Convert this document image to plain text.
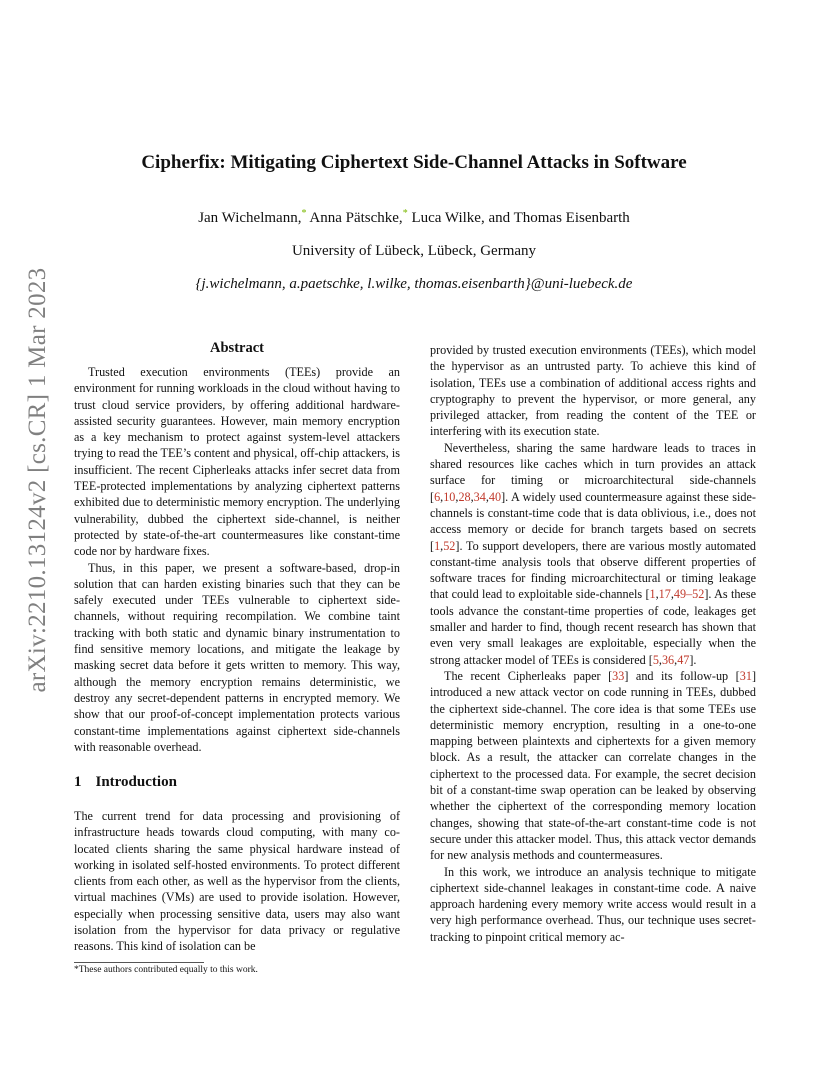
arXiv:2210.13124v2 [cs.CR] 1 Mar 2023
Cipherfix: Mitigating Ciphertext Side-Channel Attacks in Software
Jan Wichelmann,* Anna Pätschke,* Luca Wilke, and Thomas Eisenbarth
University of Lübeck, Lübeck, Germany
{j.wichelmann, a.paetschke, l.wilke, thomas.eisenbarth}@uni-luebeck.de
Abstract

Trusted execution environments (TEEs) provide an environment for running workloads in the cloud without having to trust cloud service providers, by offering additional hardware-assisted security guarantees. However, main memory encryption as a key mechanism to protect against system-level attackers trying to read the TEE’s content and physical, off-chip attackers, is insufficient. The recent Cipherleaks attacks infer secret data from TEE-protected implementations by analyzing ciphertext patterns exhibited due to deterministic memory encryption. The underlying vulnerability, dubbed the ciphertext side-channel, is neither protected by state-of-the-art countermeasures like constant-time code nor by hardware fixes.

Thus, in this paper, we present a software-based, drop-in solution that can harden existing binaries such that they can be safely executed under TEEs vulnerable to ciphertext side-channels, without requiring recompilation. We combine taint tracking with both static and dynamic binary instrumentation to find sensitive memory locations, and mitigate the leakage by masking secret data before it gets written to memory. This way, although the memory encryption remains deterministic, we destroy any secret-dependent patterns in encrypted memory. We show that our proof-of-concept implementation protects various constant-time implementations against ciphertext side-channels with reasonable overhead.

1 Introduction

The current trend for data processing and provisioning of infrastructure heads towards cloud computing, with many co-located clients sharing the same physical hardware instead of working in isolated self-hosted environments. To protect different clients from each other, as well as the hypervisor from the clients, virtual machines (VMs) are used to provide isolation. However, especially when processing sensitive data, users may also want isolation from the hypervisor for data privacy or regulative reasons. This kind of isolation can be

*These authors contributed equally to this work.

provided by trusted execution environments (TEEs), which model the hypervisor as an untrusted party. To achieve this kind of isolation, TEEs use a combination of additional access rights and cryptography to prevent the hypervisor, or more general, any privileged attacker, from reading the content of the TEE or interfering with its execution state.

Nevertheless, sharing the same hardware leads to traces in shared resources like caches which in turn provides an attack surface for timing or microarchitectural side-channels [6,10,28,34,40]. A widely used countermeasure against these side-channels is constant-time code that is data oblivious, i.e., does not access memory or decide for branch targets based on secrets [1,52]. To support developers, there are various mostly automated constant-time analysis tools that observe different properties of software traces for finding microarchitectural or timing leakage that could lead to exploitable side-channels [1,17,49–52]. As these tools advance the constant-time properties of code, leakages get smaller and harder to find, though recent research has shown that even very small leakages are exploitable, especially when the strong attacker model of TEEs is considered [5,36,47].

The recent Cipherleaks paper [33] and its follow-up [31] introduced a new attack vector on code running in TEEs, dubbed the ciphertext side-channel. The core idea is that some TEEs use deterministic memory encryption, resulting in a one-to-one mapping between plaintexts and ciphertexts for a given memory block. As a result, the attacker can correlate changes in the ciphertext to the processed data. For example, the secret decision bit of a constant-time swap operation can be leaked by observing whether the ciphertext of the corresponding memory location changes, showing that state-of-the-art constant-time code is not secure under this attacker model. Thus, this attack vector demands for new analysis methods and countermeasures.

In this work, we introduce an analysis technique to mitigate ciphertext side-channel leakages in constant-time code. A naive approach hardening every memory write access would result in a very high performance overhead. Thus, our technique uses secret-tracking to pinpoint critical memory ac-
